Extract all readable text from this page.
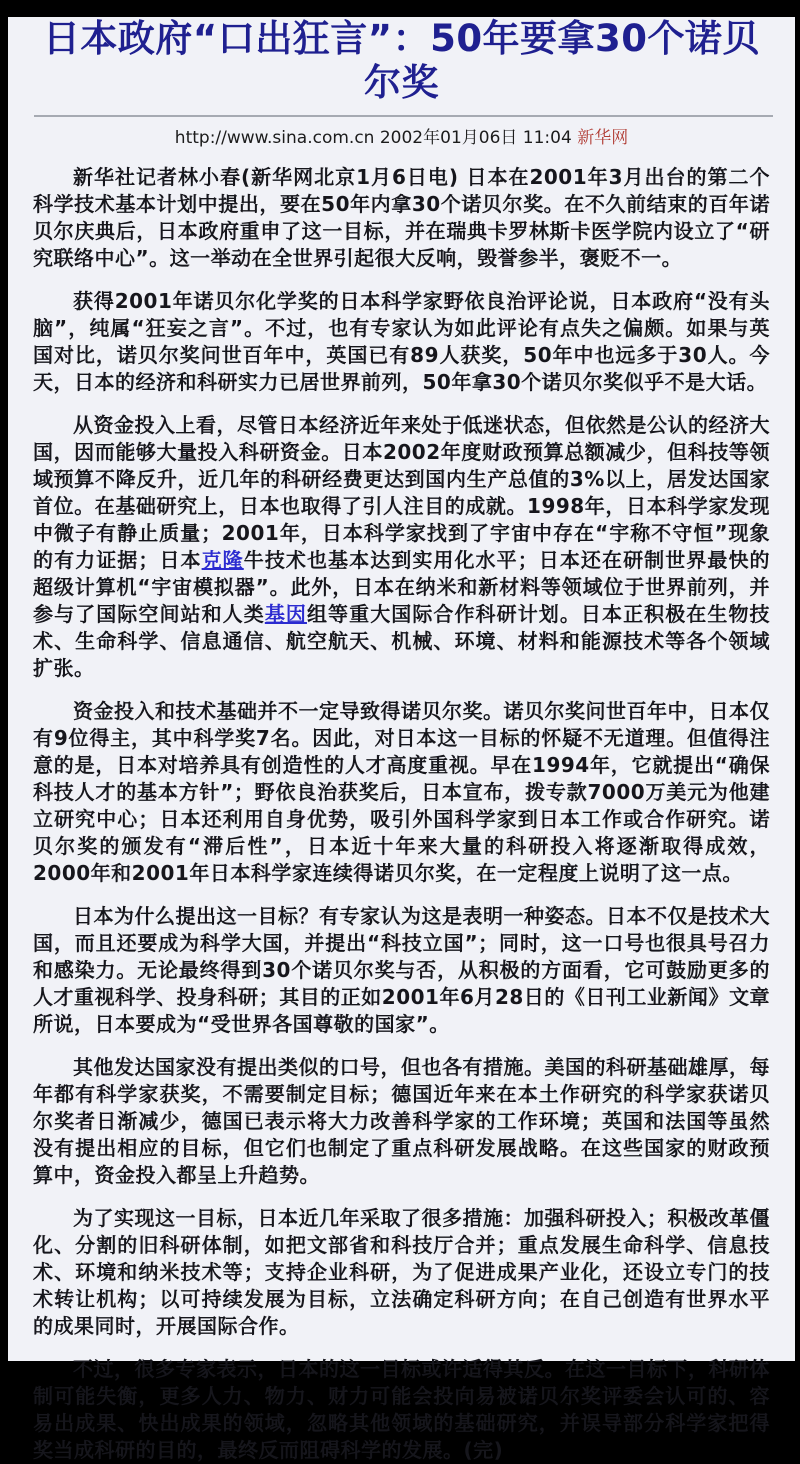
日本政府“口出狂言”：50年要拿30个诺贝尔奖
http://www.sina.com.cn 2002年01月06日 11:04 新华网

新华社记者林小春(新华网北京1月6日电) 日本在2001年3月出台的第二个科学技术基本计划中提出，要在50年内拿30个诺贝尔奖。在不久前结束的百年诺贝尔庆典后，日本政府重申了这一目标，并在瑞典卡罗林斯卡医学院内设立了“研究联络中心”。这一举动在全世界引起很大反响，毁誉参半，褒贬不一。

获得2001年诺贝尔化学奖的日本科学家野依良治评论说，日本政府“没有头脑”，纯属“狂妄之言”。不过，也有专家认为如此评论有点失之偏颇。如果与英国对比，诺贝尔奖问世百年中，英国已有89人获奖，50年中也远多于30人。今天，日本的经济和科研实力已居世界前列，50年拿30个诺贝尔奖似乎不是大话。

从资金投入上看，尽管日本经济近年来处于低迷状态，但依然是公认的经济大国，因而能够大量投入科研资金。日本2002年度财政预算总额减少，但科技等领域预算不降反升，近几年的科研经费更达到国内生产总值的3%以上，居发达国家首位。在基础研究上，日本也取得了引人注目的成就。1998年，日本科学家发现中微子有静止质量；2001年，日本科学家找到了宇宙中存在“宇称不守恒”现象的有力证据；日本克隆牛技术也基本达到实用化水平；日本还在研制世界最快的超级计算机“宇宙模拟器”。此外，日本在纳米和新材料等领域位于世界前列，并参与了国际空间站和人类基因组等重大国际合作科研计划。日本正积极在生物技术、生命科学、信息通信、航空航天、机械、环境、材料和能源技术等各个领域扩张。

资金投入和技术基础并不一定导致得诺贝尔奖。诺贝尔奖问世百年中，日本仅有9位得主，其中科学奖7名。因此，对日本这一目标的怀疑不无道理。但值得注意的是，日本对培养具有创造性的人才高度重视。早在1994年，它就提出“确保科技人才的基本方针”；野依良治获奖后，日本宣布，拨专款7000万美元为他建立研究中心；日本还利用自身优势，吸引外国科学家到日本工作或合作研究。诺贝尔奖的颁发有“滞后性”，日本近十年来大量的科研投入将逐渐取得成效，2000年和2001年日本科学家连续得诺贝尔奖，在一定程度上说明了这一点。

日本为什么提出这一目标？有专家认为这是表明一种姿态。日本不仅是技术大国，而且还要成为科学大国，并提出“科技立国”；同时，这一口号也很具号召力和感染力。无论最终得到30个诺贝尔奖与否，从积极的方面看，它可鼓励更多的人才重视科学、投身科研；其目的正如2001年6月28日的《日刊工业新闻》文章所说，日本要成为“受世界各国尊敬的国家”。

其他发达国家没有提出类似的口号，但也各有措施。美国的科研基础雄厚，每年都有科学家获奖，不需要制定目标；德国近年来在本土作研究的科学家获诺贝尔奖者日渐减少，德国已表示将大力改善科学家的工作环境；英国和法国等虽然没有提出相应的目标，但它们也制定了重点科研发展战略。在这些国家的财政预算中，资金投入都呈上升趋势。

为了实现这一目标，日本近几年采取了很多措施：加强科研投入；积极改革僵化、分割的旧科研体制，如把文部省和科技厅合并；重点发展生命科学、信息技术、环境和纳米技术等；支持企业科研，为了促进成果产业化，还设立专门的技术转让机构；以可持续发展为目标，立法确定科研方向；在自己创造有世界水平的成果同时，开展国际合作。

不过，很多专家表示，日本的这一目标或许适得其反。在这一目标下，科研体制可能失衡，更多人力、物力、财力可能会投向易被诺贝尔奖评委会认可的、容易出成果、快出成果的领域，忽略其他领域的基础研究，并误导部分科学家把得奖当成科研的目的，最终反而阻碍科学的发展。(完)
